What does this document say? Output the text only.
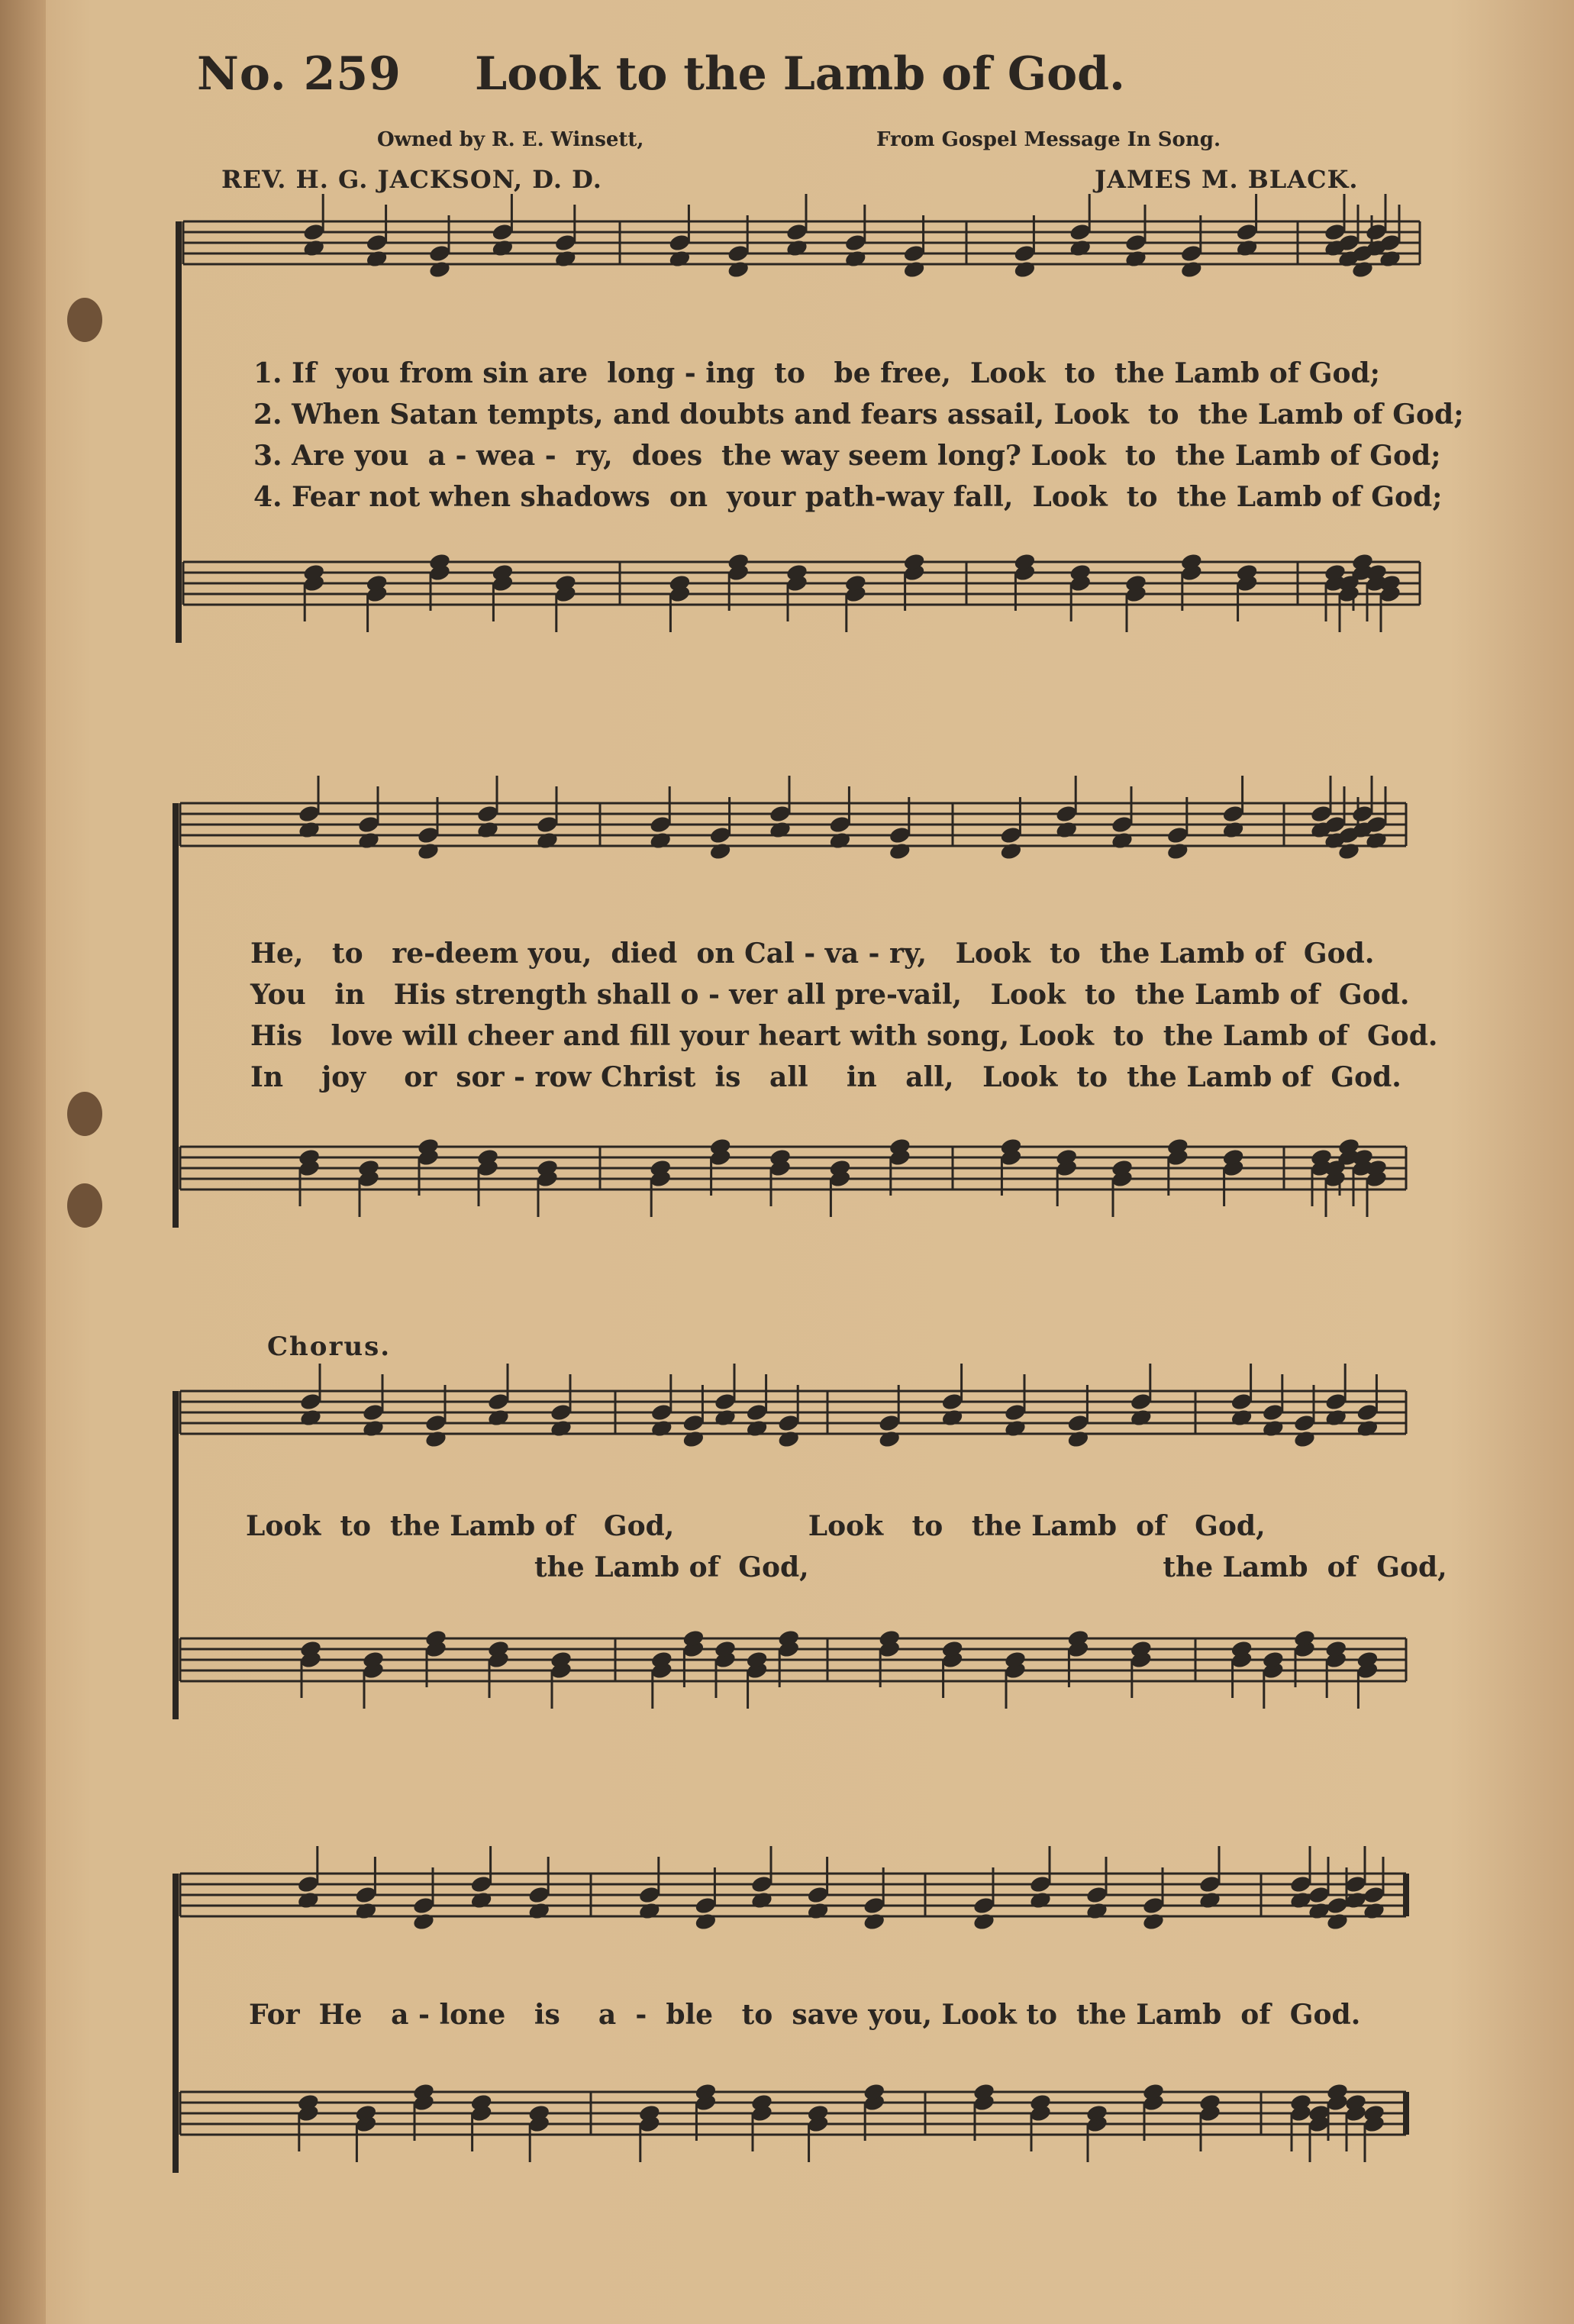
No. 259 Look to the Lamb of God.
Owned by R. E. Winsett,	From Gospel Message In Song.
REV. H. G. JACKSON, D. D.	JAMES M. BLACK.
1. If  you from sin are  long - ing  to   be free,  Look  to  the Lamb of God;
2. When Satan tempts, and doubts and fears assail, Look  to  the Lamb of God;
3. Are you  a - wea -  ry,  does  the way seem long? Look  to  the Lamb of God;
4. Fear not when shadows  on  your path-way fall,  Look  to  the Lamb of God;
He,   to   re-deem you,  died  on Cal - va - ry,   Look  to  the Lamb of  God.
You   in   His strength shall o - ver all pre-vail,   Look  to  the Lamb of  God.
His   love will cheer and fill your heart with song, Look  to  the Lamb of  God.
In    joy    or  sor - row Christ  is   all    in   all,   Look  to  the Lamb of  God.
Chorus.
Look  to  the Lamb of   God,              Look   to   the Lamb  of   God,
the Lamb of  God,                                     the Lamb  of  God,
For  He   a - lone   is    a  -  ble   to  save you, Look to  the Lamb  of  God.
